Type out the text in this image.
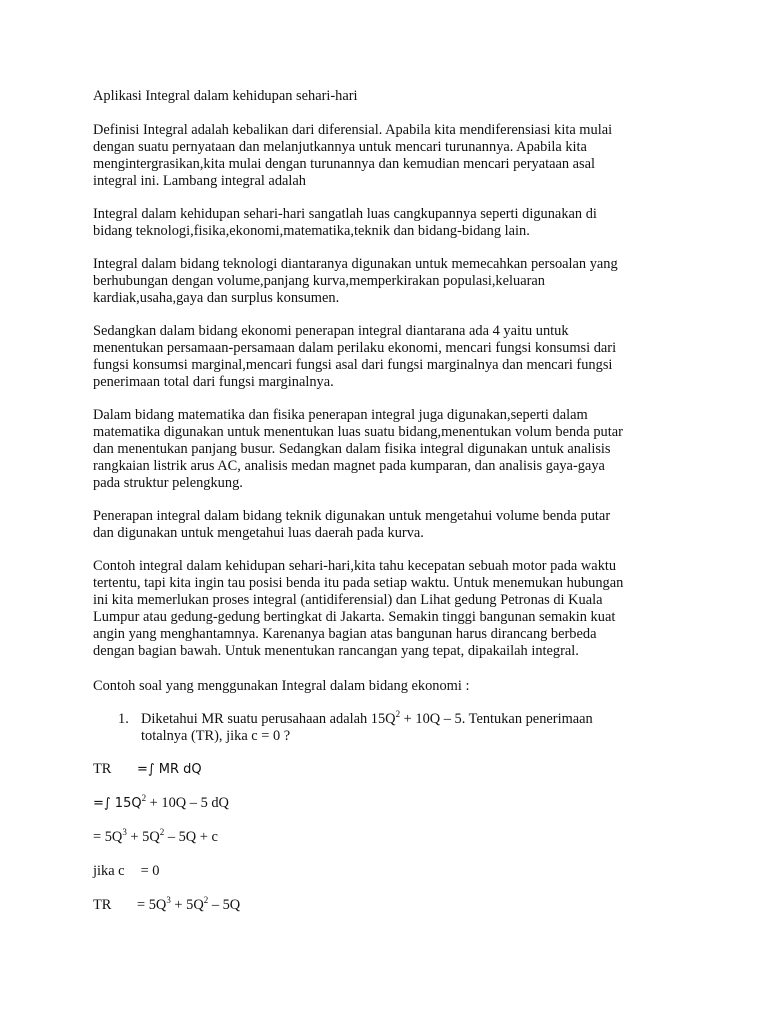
Aplikasi Integral dalam kehidupan sehari-hari
Definisi Integral adalah kebalikan dari diferensial. Apabila kita mendiferensiasi kita mulai
dengan suatu pernyataan dan melanjutkannya untuk mencari turunannya. Apabila kita
mengintergrasikan,kita mulai dengan turunannya dan kemudian mencari peryataan asal
integral ini. Lambang integral adalah
Integral dalam kehidupan sehari-hari sangatlah luas cangkupannya seperti digunakan di
bidang teknologi,fisika,ekonomi,matematika,teknik dan bidang-bidang lain.
Integral dalam bidang teknologi diantaranya digunakan untuk memecahkan persoalan yang
berhubungan dengan volume,panjang kurva,memperkirakan populasi,keluaran
kardiak,usaha,gaya dan surplus konsumen.
Sedangkan dalam bidang ekonomi penerapan integral diantarana ada 4 yaitu untuk
menentukan persamaan-persamaan dalam perilaku ekonomi, mencari fungsi konsumsi dari
fungsi konsumsi marginal,mencari fungsi asal dari fungsi marginalnya dan mencari fungsi
penerimaan total dari fungsi marginalnya.
Dalam bidang matematika dan fisika penerapan integral juga digunakan,seperti dalam
matematika digunakan untuk menentukan luas suatu bidang,menentukan volum benda putar
dan menentukan panjang busur. Sedangkan dalam fisika integral digunakan untuk analisis
rangkaian listrik arus AC, analisis medan magnet pada kumparan, dan analisis gaya-gaya
pada struktur pelengkung.
Penerapan integral dalam bidang teknik digunakan untuk mengetahui volume benda putar
dan digunakan untuk mengetahui luas daerah pada kurva.
Contoh integral dalam kehidupan sehari-hari,kita tahu kecepatan sebuah motor pada waktu
tertentu, tapi kita ingin tau posisi benda itu pada setiap waktu. Untuk menemukan hubungan
ini kita memerlukan proses integral (antidiferensial) dan Lihat gedung Petronas di Kuala
Lumpur atau gedung-gedung bertingkat di Jakarta. Semakin tinggi bangunan semakin kuat
angin yang menghantamnya. Karenanya bagian atas bangunan harus dirancang berbeda
dengan bagian bawah. Untuk menentukan rancangan yang tepat, dipakailah integral.
Contoh soal yang menggunakan Integral dalam bidang ekonomi :
1. Diketahui MR suatu perusahaan adalah $15Q^2 + 10Q - 5$. Tentukan penerimaan
totalnya (TR), jika c = 0 ?
TR =∫ MR dQ
=∫ $15Q^2 + 10Q - 5$ dQ
= $5Q^3 + 5Q^2 - 5Q + c$
jika c = 0
TR = $5Q^3 + 5Q^2 - 5Q$
